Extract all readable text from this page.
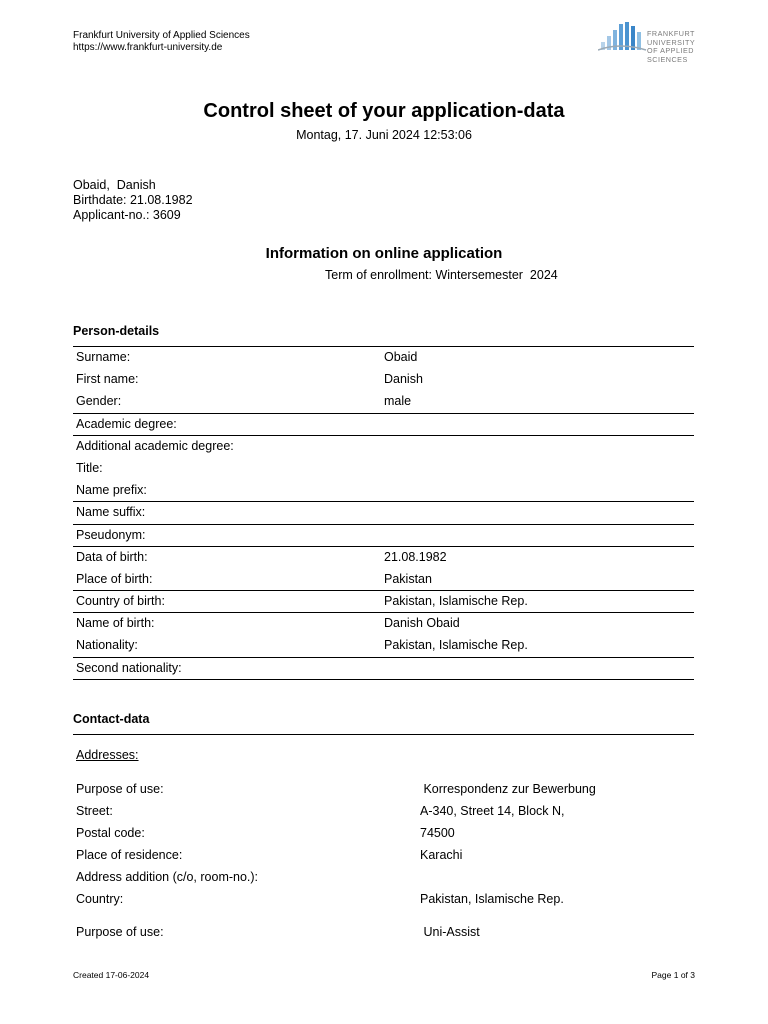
Frankfurt University of Applied Sciences
https://www.frankfurt-university.de
FRANKFURT
UNIVERSITY
OF APPLIED SCIENCES
Control sheet of your application-data
Montag, 17. Juni 2024 12:53:06
Obaid,  Danish
Birthdate: 21.08.1982
Applicant-no.: 3609
Information on online application
Term of enrollment: Wintersemester  2024
Person-details
Surname:	Obaid
First name:	Danish
Gender:	male
Academic degree:
Additional academic degree:
Title:
Name prefix:
Name suffix:
Pseudonym:
Data of birth:	21.08.1982
Place of birth:	Pakistan
Country of birth:	Pakistan, Islamische Rep.
Name of birth:	Danish Obaid
Nationality:	Pakistan, Islamische Rep.
Second nationality:
Contact-data
Addresses:
Purpose of use:	Korrespondenz zur Bewerbung
Street:	A-340, Street 14, Block N,
Postal code:	74500
Place of residence:	Karachi
Address addition (c/o, room-no.):
Country:	Pakistan, Islamische Rep.
Purpose of use:	Uni-Assist
Created 17-06-2024	Page 1 of 3
